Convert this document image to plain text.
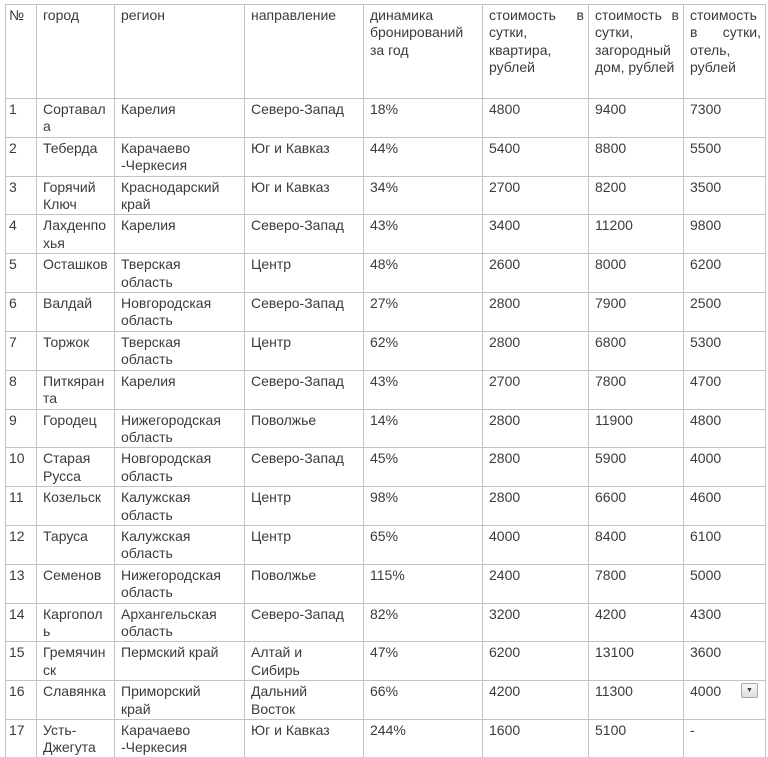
№	город	регион	направление	динамика бронирований за год	стоимость в сутки, квартира, рублей	стоимость в сутки, загородный дом, рублей	стоимость в сутки, отель, рублей
1	Сортавала	Карелия	Северо-Запад	18%	4800	9400	7300
2	Теберда	Карачаево -Черкесия	Юг и Кавказ	44%	5400	8800	5500
3	Горячий Ключ	Краснодарский край	Юг и Кавказ	34%	2700	8200	3500
4	Лахденпохья	Карелия	Северо-Запад	43%	3400	11200	9800
5	Осташков	Тверская область	Центр	48%	2600	8000	6200
6	Валдай	Новгородская область	Северо-Запад	27%	2800	7900	2500
7	Торжок	Тверская область	Центр	62%	2800	6800	5300
8	Питкяранта	Карелия	Северо-Запад	43%	2700	7800	4700
9	Городец	Нижегородская область	Поволжье	14%	2800	11900	4800
10	Старая Русса	Новгородская область	Северо-Запад	45%	2800	5900	4000
11	Козельск	Калужская область	Центр	98%	2800	6600	4600
12	Таруса	Калужская область	Центр	65%	4000	8400	6100
13	Семенов	Нижегородская область	Поволжье	115%	2400	7800	5000
14	Каргополь	Архангельская область	Северо-Запад	82%	3200	4200	4300
15	Гремячинск	Пермский край	Алтай и Сибирь	47%	6200	13100	3600
16	Славянка	Приморский край	Дальний Восток	66%	4200	11300	4000 ▼

17	Усть-Джегута	Карачаево -Черкесия	Юг и Кавказ	244%	1600	5100	-
